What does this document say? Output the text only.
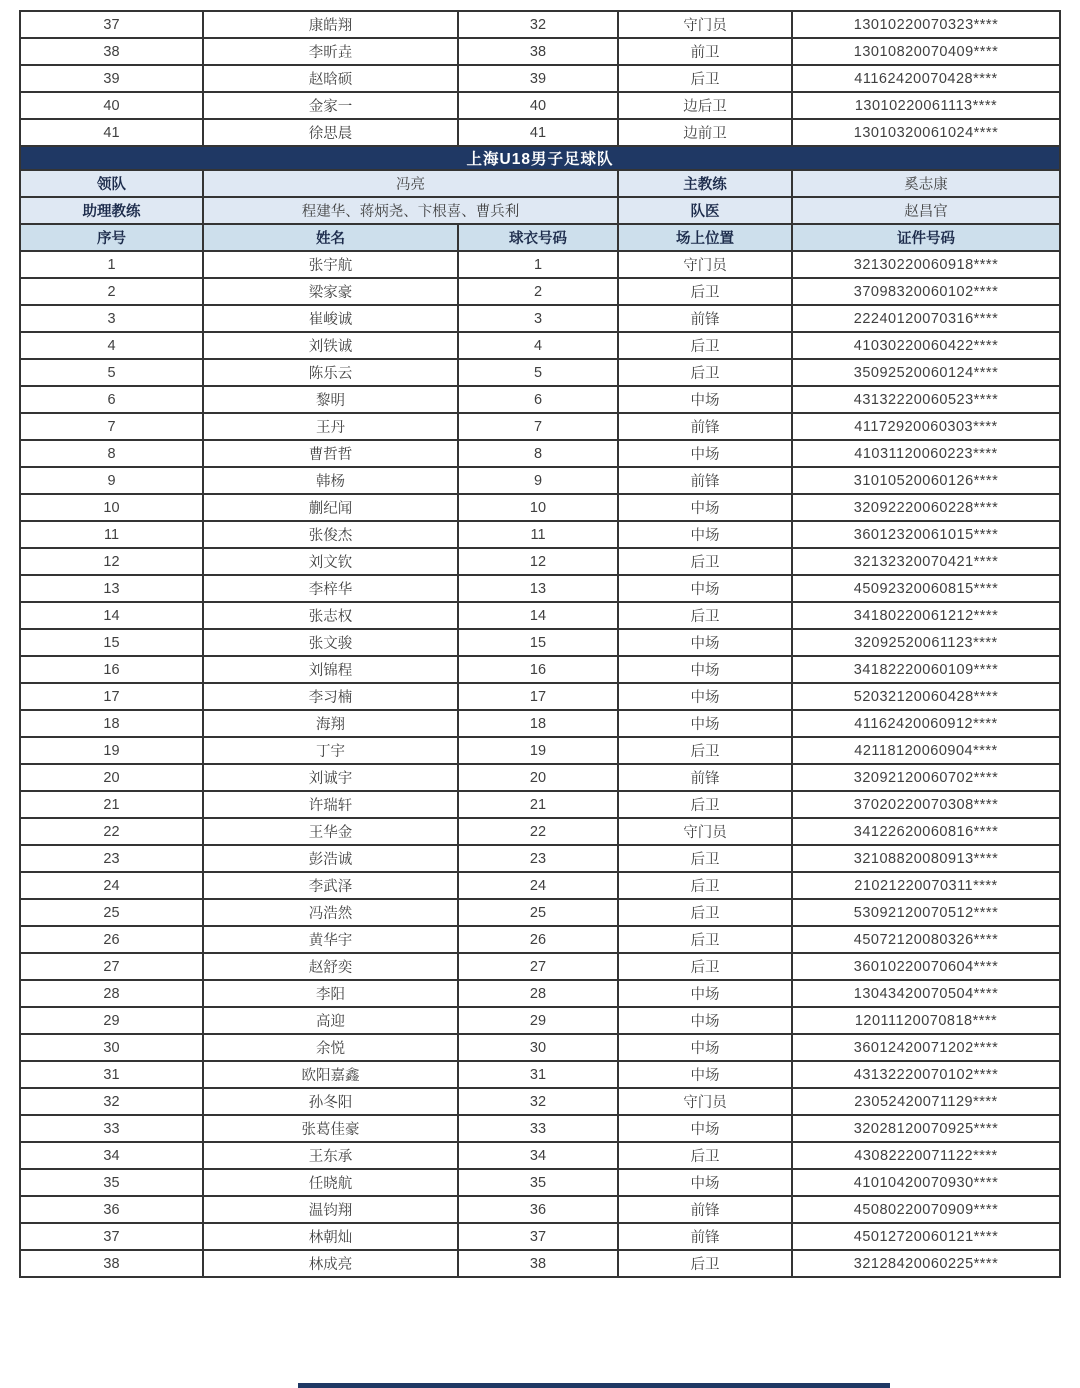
37	康皓翔	32	守门员	13010220070323****
38	李昕垚	38	前卫	13010820070409****
39	赵晗硕	39	后卫	41162420070428****
40	金家一	40	边后卫	13010220061113****
41	徐思晨	41	边前卫	13010320061024****
上海U18男子足球队				
领队	冯亮		主教练	奚志康
助理教练	程建华、蒋炳尧、卞根喜、曹兵利		队医	赵昌官
序号	姓名	球衣号码	场上位置	证件号码
1	张宇航	1	守门员	32130220060918****
2	梁家豪	2	后卫	37098320060102****
3	崔峻诚	3	前锋	22240120070316****
4	刘铁诚	4	后卫	41030220060422****
5	陈乐云	5	后卫	35092520060124****
6	黎明	6	中场	43132220060523****
7	王丹	7	前锋	41172920060303****
8	曹哲哲	8	中场	41031120060223****
9	韩杨	9	前锋	31010520060126****
10	蒯纪闻	10	中场	32092220060228****
11	张俊杰	11	中场	36012320061015****
12	刘文钦	12	后卫	32132320070421****
13	李梓华	13	中场	45092320060815****
14	张志权	14	后卫	34180220061212****
15	张文骏	15	中场	32092520061123****
16	刘锦程	16	中场	34182220060109****
17	李习楠	17	中场	52032120060428****
18	海翔	18	中场	41162420060912****
19	丁宇	19	后卫	42118120060904****
20	刘诚宇	20	前锋	32092120060702****
21	许瑞轩	21	后卫	37020220070308****
22	王华金	22	守门员	34122620060816****
23	彭浩诚	23	后卫	32108820080913****
24	李武泽	24	后卫	21021220070311****
25	冯浩然	25	后卫	53092120070512****
26	黄华宇	26	后卫	45072120080326****
27	赵舒奕	27	后卫	36010220070604****
28	李阳	28	中场	13043420070504****
29	高迎	29	中场	12011120070818****
30	余悦	30	中场	36012420071202****
31	欧阳嘉鑫	31	中场	43132220070102****
32	孙冬阳	32	守门员	23052420071129****
33	张葛佳豪	33	中场	32028120070925****
34	王东承	34	后卫	43082220071122****
35	任晓航	35	中场	41010420070930****
36	温钧翔	36	前锋	45080220070909****
37	林朝灿	37	前锋	45012720060121****
38	林成亮	38	后卫	32128420060225****
